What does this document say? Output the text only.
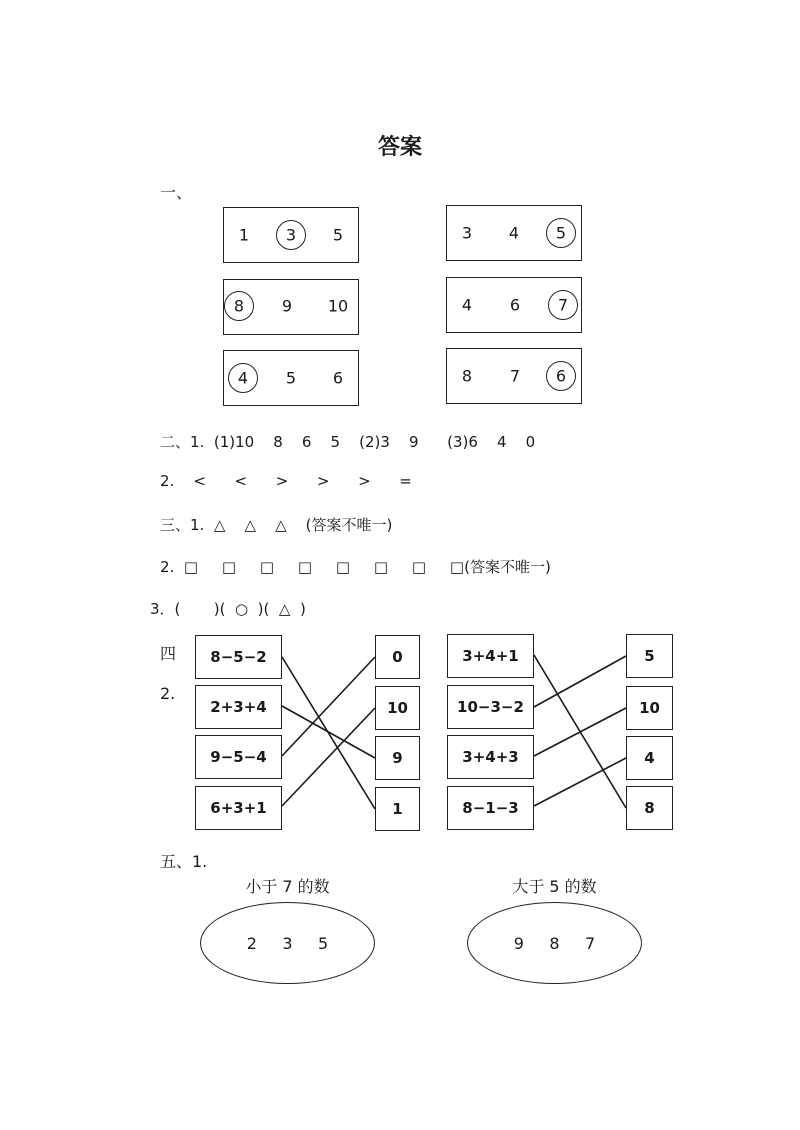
答案
一、
1 3 5	3 4 5
8 9 10	4 6 7
4 5 6	8 7 6
二、1.  (1)10    8    6    5    (2)3    9      (3)6    4    0
2.    <      <      >      >      >      =
三、1.  △    △    △    (答案不唯一)
2.  □     □     □     □     □     □     □     □(答案不唯一)
3．(       )(  ○  )(  △  )
四
2.
8−5−2
2+3+4
9−5−4
6+3+1
0
10
9
1
3+4+1
10−3−2
3+4+3
8−1−3
5
10
4
8
五、1.
小于 7 的数
2     3     5
大于 5 的数
9     8     7
